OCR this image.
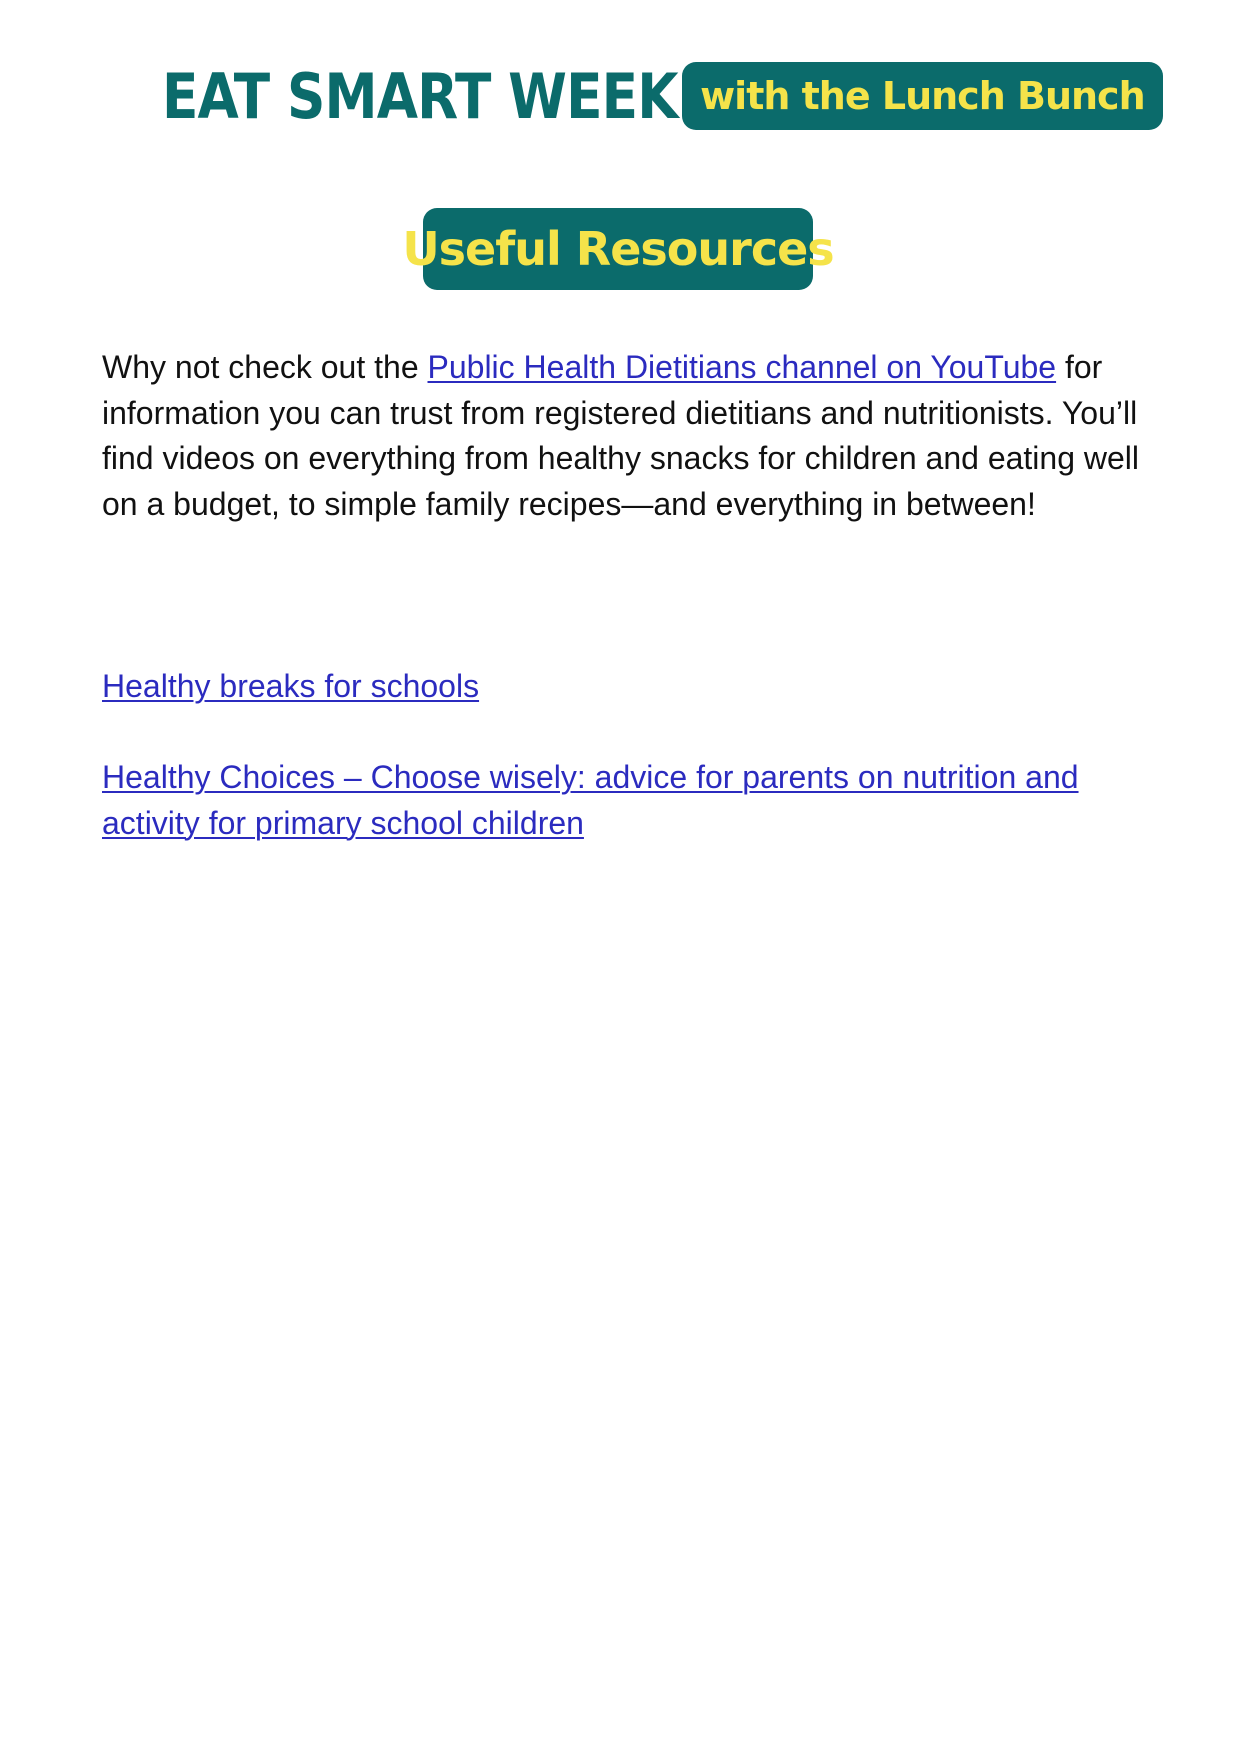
EAT SMART WEEK with the Lunch Bunch
Useful Resources

Why not check out the Public Health Dietitians channel on YouTube for information you can trust from registered dietitians and nutritionists. You’ll find videos on everything from healthy snacks for children and eating well on a budget, to simple family recipes—and everything in between!

Healthy breaks for schools

Healthy Choices – Choose wisely: advice for parents on nutrition and activity for primary school children
